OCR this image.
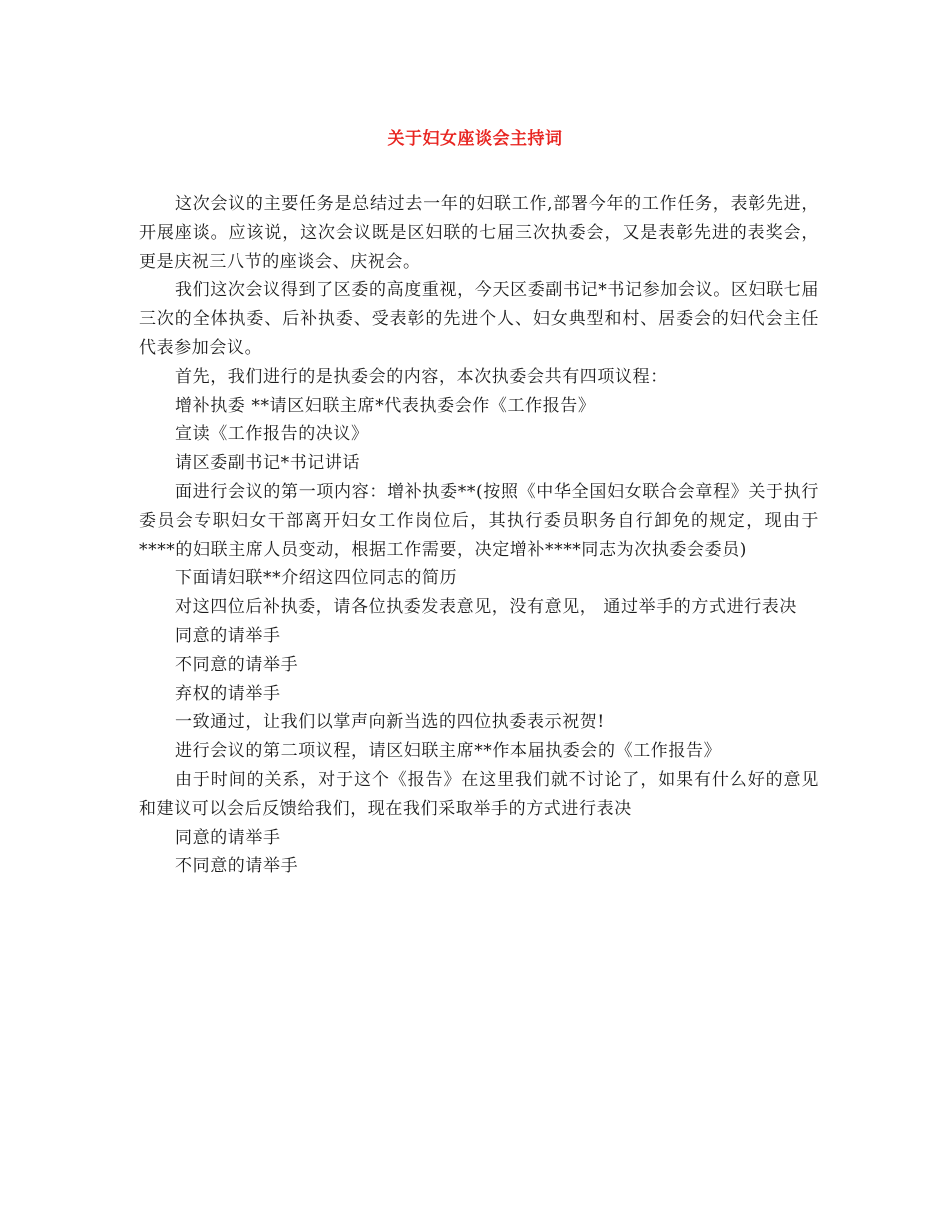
关于妇女座谈会主持词

这次会议的主要任务是总结过去一年的妇联工作,部署今年的工作任务，表彰先进，开展座谈。应该说，这次会议既是区妇联的七届三次执委会，又是表彰先进的表奖会，更是庆祝三八节的座谈会、庆祝会。

我们这次会议得到了区委的高度重视，今天区委副书记*书记参加会议。区妇联七届三次的全体执委、后补执委、受表彰的先进个人、妇女典型和村、居委会的妇代会主任代表参加会议。

首先，我们进行的是执委会的内容，本次执委会共有四项议程：

增补执委 **请区妇联主席*代表执委会作《工作报告》

宣读《工作报告的决议》

请区委副书记*书记讲话

面进行会议的第一项内容：增补执委**(按照《中华全国妇女联合会章程》关于执行委员会专职妇女干部离开妇女工作岗位后，其执行委员职务自行卸免的规定，现由于****的妇联主席人员变动，根据工作需要，决定增补****同志为次执委会委员)

下面请妇联**介绍这四位同志的简历

对这四位后补执委，请各位执委发表意见，没有意见， 通过举手的方式进行表决

同意的请举手

不同意的请举手

弃权的请举手

一致通过，让我们以掌声向新当选的四位执委表示祝贺!

进行会议的第二项议程，请区妇联主席**作本届执委会的《工作报告》

由于时间的关系，对于这个《报告》在这里我们就不讨论了，如果有什么好的意见和建议可以会后反馈给我们，现在我们采取举手的方式进行表决

同意的请举手

不同意的请举手
